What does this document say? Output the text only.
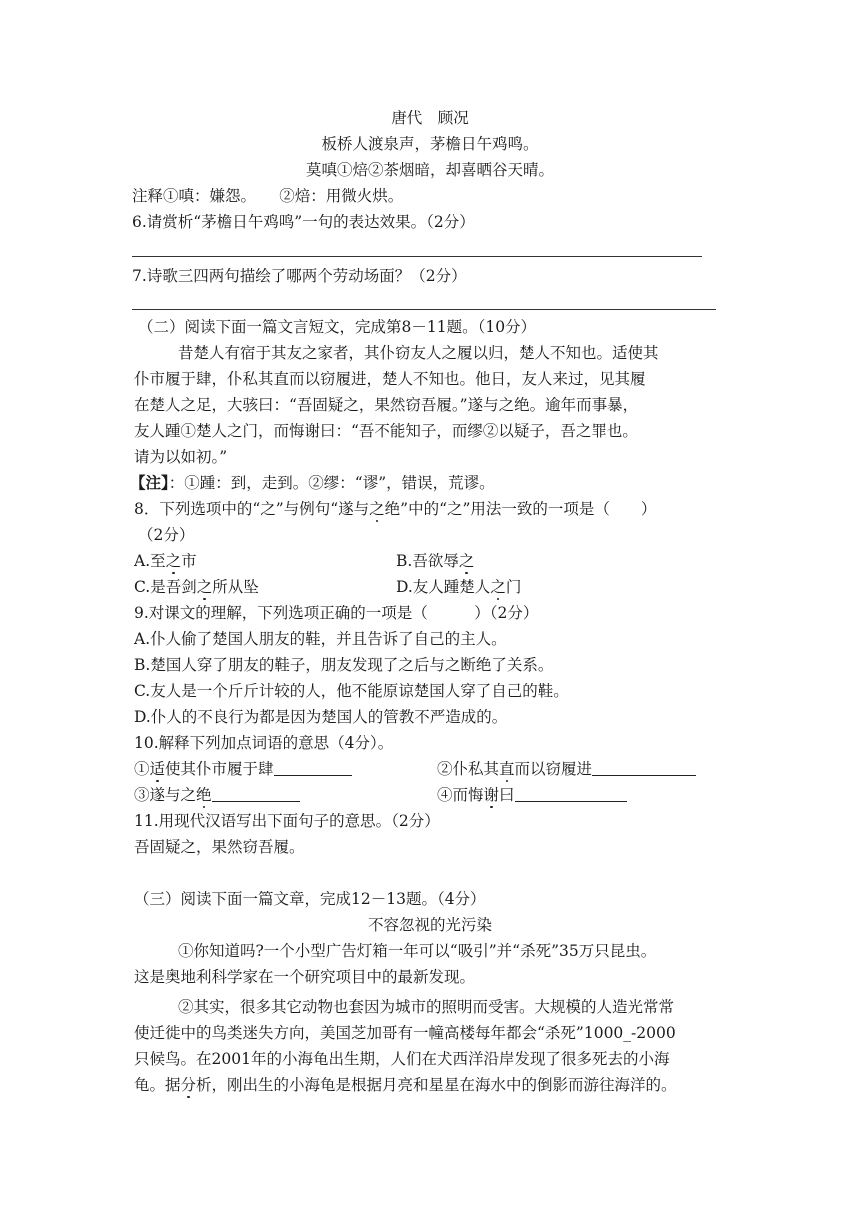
唐代　顾况
板桥人渡泉声，茅檐日午鸡鸣。
莫嗔①焙②茶烟暗，却喜晒谷天晴。
注释①嗔：嫌怨。　　②焙：用微火烘。
6.请赏析“茅檐日午鸡鸣”一句的表达效果。（2分）
7.诗歌三四两句描绘了哪两个劳动场面？（2分）
（二）阅读下面一篇文言短文，完成第8－11题。（10分）
昔楚人有宿于其友之家者，其仆窃友人之履以归，楚人不知也。适使其
仆市履于肆，仆私其直而以窃履进，楚人不知也。他日，友人来过，见其履
在楚人之足，大骇曰：“吾固疑之，果然窃吾履。”遂与之绝。逾年而事暴，
友人踵①楚人之门，而悔谢曰：“吾不能知子，而缪②以疑子，吾之罪也。
请为以如初。”
【注】：①踵：到，走到。②缪：“谬”，错误，荒谬。
8．下列选项中的“之”与例句“遂与之绝”中的“之”用法一致的一项是（　　）
（2分）
A.至之市	B.吾欲辱之
C.是吾剑之所从坠	D.友人踵楚人之门
9.对课文的理解，下列选项正确的一项是（　　　）（2分）
A.仆人偷了楚国人朋友的鞋，并且告诉了自己的主人。
B.楚国人穿了朋友的鞋子，朋友发现了之后与之断绝了关系。
C.友人是一个斤斤计较的人，他不能原谅楚国人穿了自己的鞋。
D.仆人的不良行为都是因为楚国人的管教不严造成的。
10.解释下列加点词语的意思（4分）。
①适使其仆市履于肆	②仆私其直而以窃履进
③遂与之绝	④而悔谢曰
11.用现代汉语写出下面句子的意思。（2分）
吾固疑之，果然窃吾履。
（三）阅读下面一篇文章，完成12－13题。（4分）
不容忽视的光污染
①你知道吗?一个小型广告灯箱一年可以“吸引”并“杀死”35万只昆虫。
这是奥地利科学家在一个研究项目中的最新发现。
②其实，很多其它动物也套因为城市的照明而受害。大规模的人造光常常
使迁徙中的鸟类迷失方向，美国芝加哥有一幢高楼每年都会“杀死”1000_-2000
只候鸟。在2001年的小海龟出生期，人们在犬西洋沿岸发现了很多死去的小海
龟。据分析，刚出生的小海龟是根据月亮和星星在海水中的倒影而游往海洋的。
